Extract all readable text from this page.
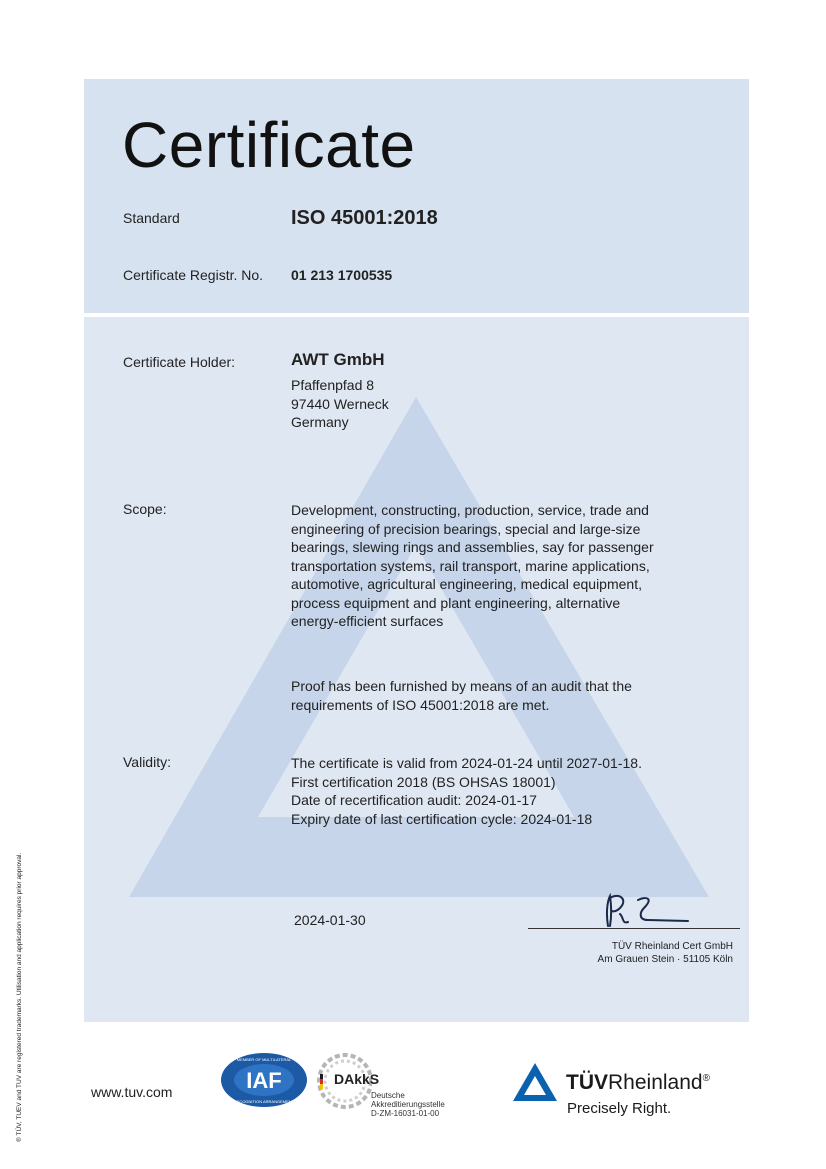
Certificate
Standard	ISO 45001:2018
Certificate Registr. No. 01 213 1700535
Certificate Holder:	AWT GmbH
Pfaffenpfad 8
97440 Werneck
Germany
Scope:	Development, constructing, production, service, trade and
engineering of precision bearings, special and large-size
bearings, slewing rings and assemblies, say for passenger
transportation systems, rail transport, marine applications,
automotive, agricultural engineering, medical equipment,
process equipment and plant engineering, alternative
energy-efficient surfaces
Proof has been furnished by means of an audit that the
requirements of ISO 45001:2018 are met.
Validity:	The certificate is valid from 2024-01-24 until 2027-01-18.
First certification 2018 (BS OHSAS 18001)
Date of recertification audit: 2024-01-17
Expiry date of last certification cycle: 2024-01-18
2024-01-30
TÜV Rheinland Cert GmbH
Am Grauen Stein · 51105 Köln
® TÜV, TUEV and TUV are registered trademarks. Utilisation and application requires prior approval.	www.tuv.com	IAF
MEMBER OF MULTILATERAL
RECOGNITION ARRANGEMENT
DAkkS
Deutsche
Akkreditierungsstelle
D-ZM-16031-01-00
TÜVRheinland®
Precisely Right.
